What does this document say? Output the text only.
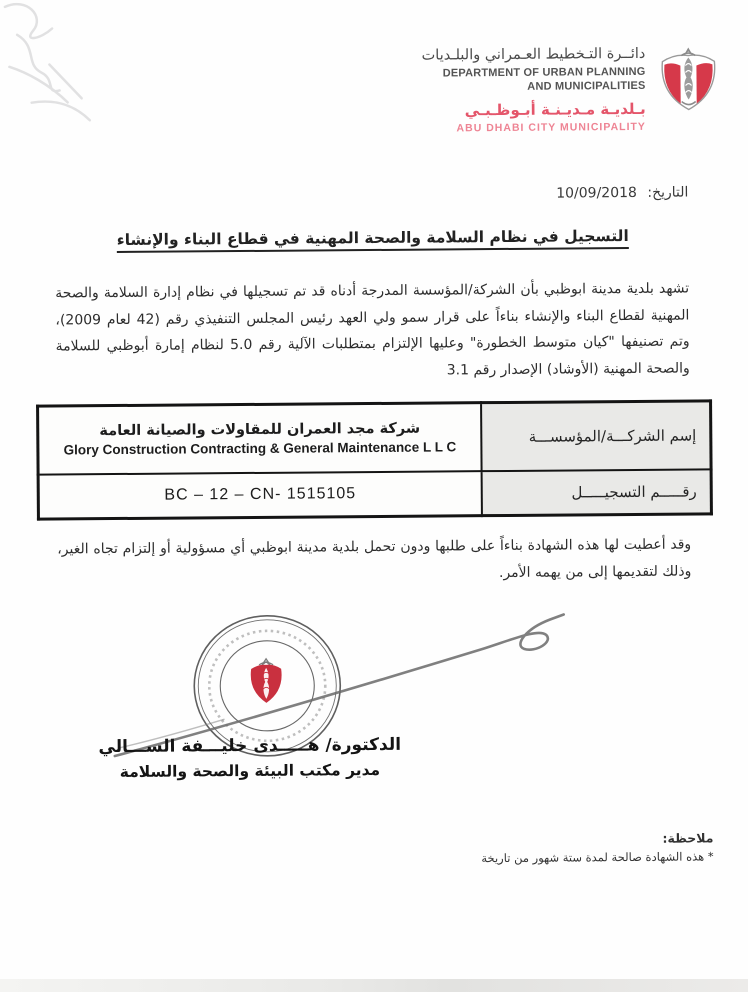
دائــرة التـخطيط العـمراني والبلـديات
DEPARTMENT OF URBAN PLANNING
AND MUNICIPALITIES
بـلديـة مـديـنـة أبـوظـبـي
ABU DHABI CITY MUNICIPALITY
التاريخ: 10/09/2018
التسجيل في نظام السلامة والصحة المهنية في قطاع البناء والإنشاء
تشهد بلدية مدينة ابوظبي بأن الشركة/المؤسسة المدرجة أدناه قد تم تسجيلها في نظام إدارة السلامة والصحة المهنية لقطاع البناء والإنشاء بناءاً على قرار سمو ولي العهد رئيس المجلس التنفيذي رقم (42 لعام 2009)، وتم تصنيفها "كيان متوسط الخطورة" وعليها الإلتزام بمتطلبات الآلية رقم 5.0 لنظام إمارة أبوظبي للسلامة والصحة المهنية (الأوشاد) الإصدار رقم 3.1
إسم الشركـــة/المؤسســـة	شركة مجد العمران للمقاولات والصيانة العامة
Glory Construction Contracting & General Maintenance L L C

رقـــــم التسجيـــــل	BC – 12 – CN- 1515105
وقد أعطيت لها هذه الشهادة بناءاً على طلبها ودون تحمل بلدية مدينة ابوظبي أي مسؤولية أو إلتزام تجاه الغير، وذلك لتقديمها إلى من يهمه الأمر.
الدكتورة/ هـــــدى خليـــفة الســـالي
مدير مكتب البيئة والصحة والسلامة
ملاحظة:
* هذه الشهادة صالحة لمدة ستة شهور من تاريخة
